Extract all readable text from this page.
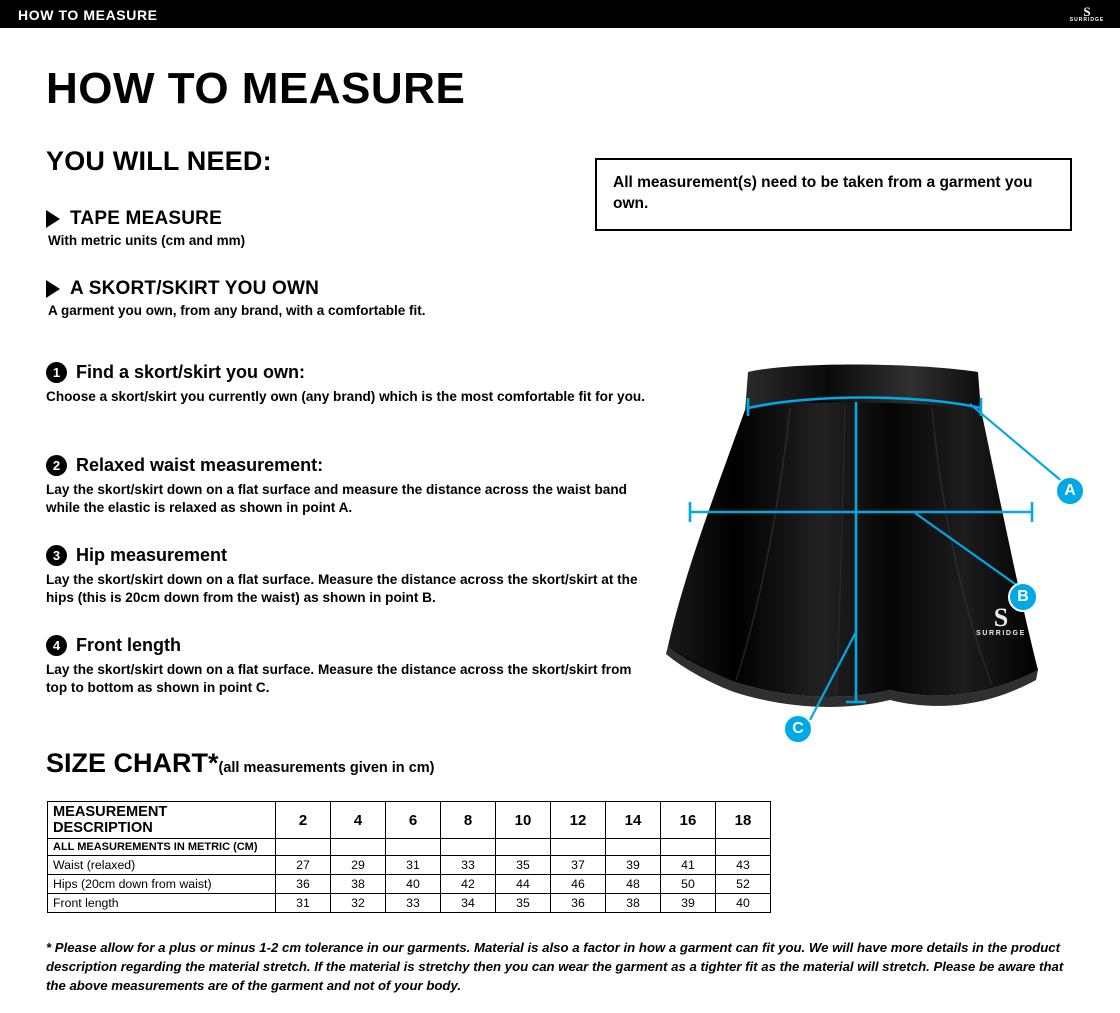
HOW TO MEASURE	S
SURRIDGE
HOW TO MEASURE
YOU WILL NEED:

All measurement(s) need to be taken from a garment you own.

TAPE MEASURE
With metric units (cm and mm)
A SKORT/SKIRT YOU OWN
A garment you own, from any brand, with a comfortable fit.
1 Find a skort/skirt you own:
Choose a skort/skirt you currently own (any brand) which is the most comfortable fit for you.
2 Relaxed waist measurement:
Lay the skort/skirt down on a flat surface and measure the distance across the waist band while the elastic is relaxed as shown in point A.
3 Hip measurement
Lay the skort/skirt down on a flat surface. Measure the distance across the skort/skirt at the hips (this is 20cm down from the waist) as shown in point B.
4 Front length
Lay the skort/skirt down on a flat surface. Measure the distance across the skort/skirt from top to bottom as shown in point C.
S
SURRIDGE
A
B
C
SIZE CHART*(all measurements given in cm)
MEASUREMENT DESCRIPTION	2	4	6	8	10	12	14	16	18
ALL MEASUREMENTS IN METRIC (CM)									
Waist (relaxed)	27	29	31	33	35	37	39	41	43
Hips (20cm down from waist)	36	38	40	42	44	46	48	50	52
Front length	31	32	33	34	35	36	38	39	40
* Please allow for a plus or minus 1-2 cm tolerance in our garments. Material is also a factor in how a garment can fit you. We will have more details in the product description regarding the material stretch. If the material is stretchy then you can wear the garment as a tighter fit as the material will stretch. Please be aware that the above measurements are of the garment and not of your body.
